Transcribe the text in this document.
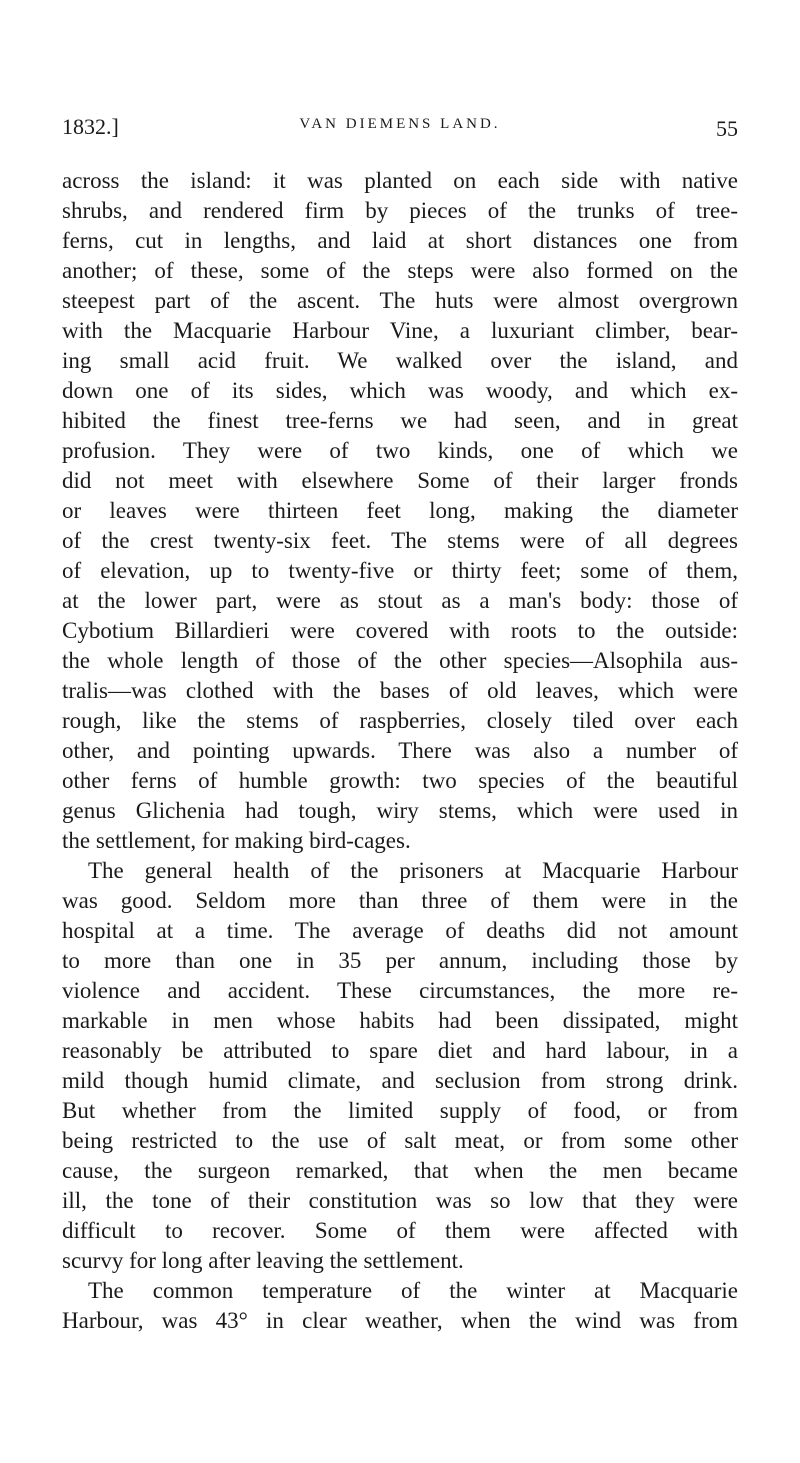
1832.]	VAN DIEMENS LAND.	55
across the island: it was planted on each side with native
shrubs, and rendered firm by pieces of the trunks of tree-
ferns, cut in lengths, and laid at short distances one from
another; of these, some of the steps were also formed on the
steepest part of the ascent. The huts were almost overgrown
with the Macquarie Harbour Vine, a luxuriant climber, bear-
ing small acid fruit. We walked over the island, and
down one of its sides, which was woody, and which ex-
hibited the finest tree-ferns we had seen, and in great
profusion. They were of two kinds, one of which we
did not meet with elsewhere Some of their larger fronds
or leaves were thirteen feet long, making the diameter
of the crest twenty-six feet. The stems were of all degrees
of elevation, up to twenty-five or thirty feet; some of them,
at the lower part, were as stout as a man's body: those of
Cybotium Billardieri were covered with roots to the outside:
the whole length of those of the other species—Alsophila aus-
tralis—was clothed with the bases of old leaves, which were
rough, like the stems of raspberries, closely tiled over each
other, and pointing upwards. There was also a number of
other ferns of humble growth: two species of the beautiful
genus Glichenia had tough, wiry stems, which were used in
the settlement, for making bird-cages.
The general health of the prisoners at Macquarie Harbour
was good. Seldom more than three of them were in the
hospital at a time. The average of deaths did not amount
to more than one in 35 per annum, including those by
violence and accident. These circumstances, the more re-
markable in men whose habits had been dissipated, might
reasonably be attributed to spare diet and hard labour, in a
mild though humid climate, and seclusion from strong drink.
But whether from the limited supply of food, or from
being restricted to the use of salt meat, or from some other
cause, the surgeon remarked, that when the men became
ill, the tone of their constitution was so low that they were
difficult to recover. Some of them were affected with
scurvy for long after leaving the settlement.
The common temperature of the winter at Macquarie
Harbour, was 43° in clear weather, when the wind was from
